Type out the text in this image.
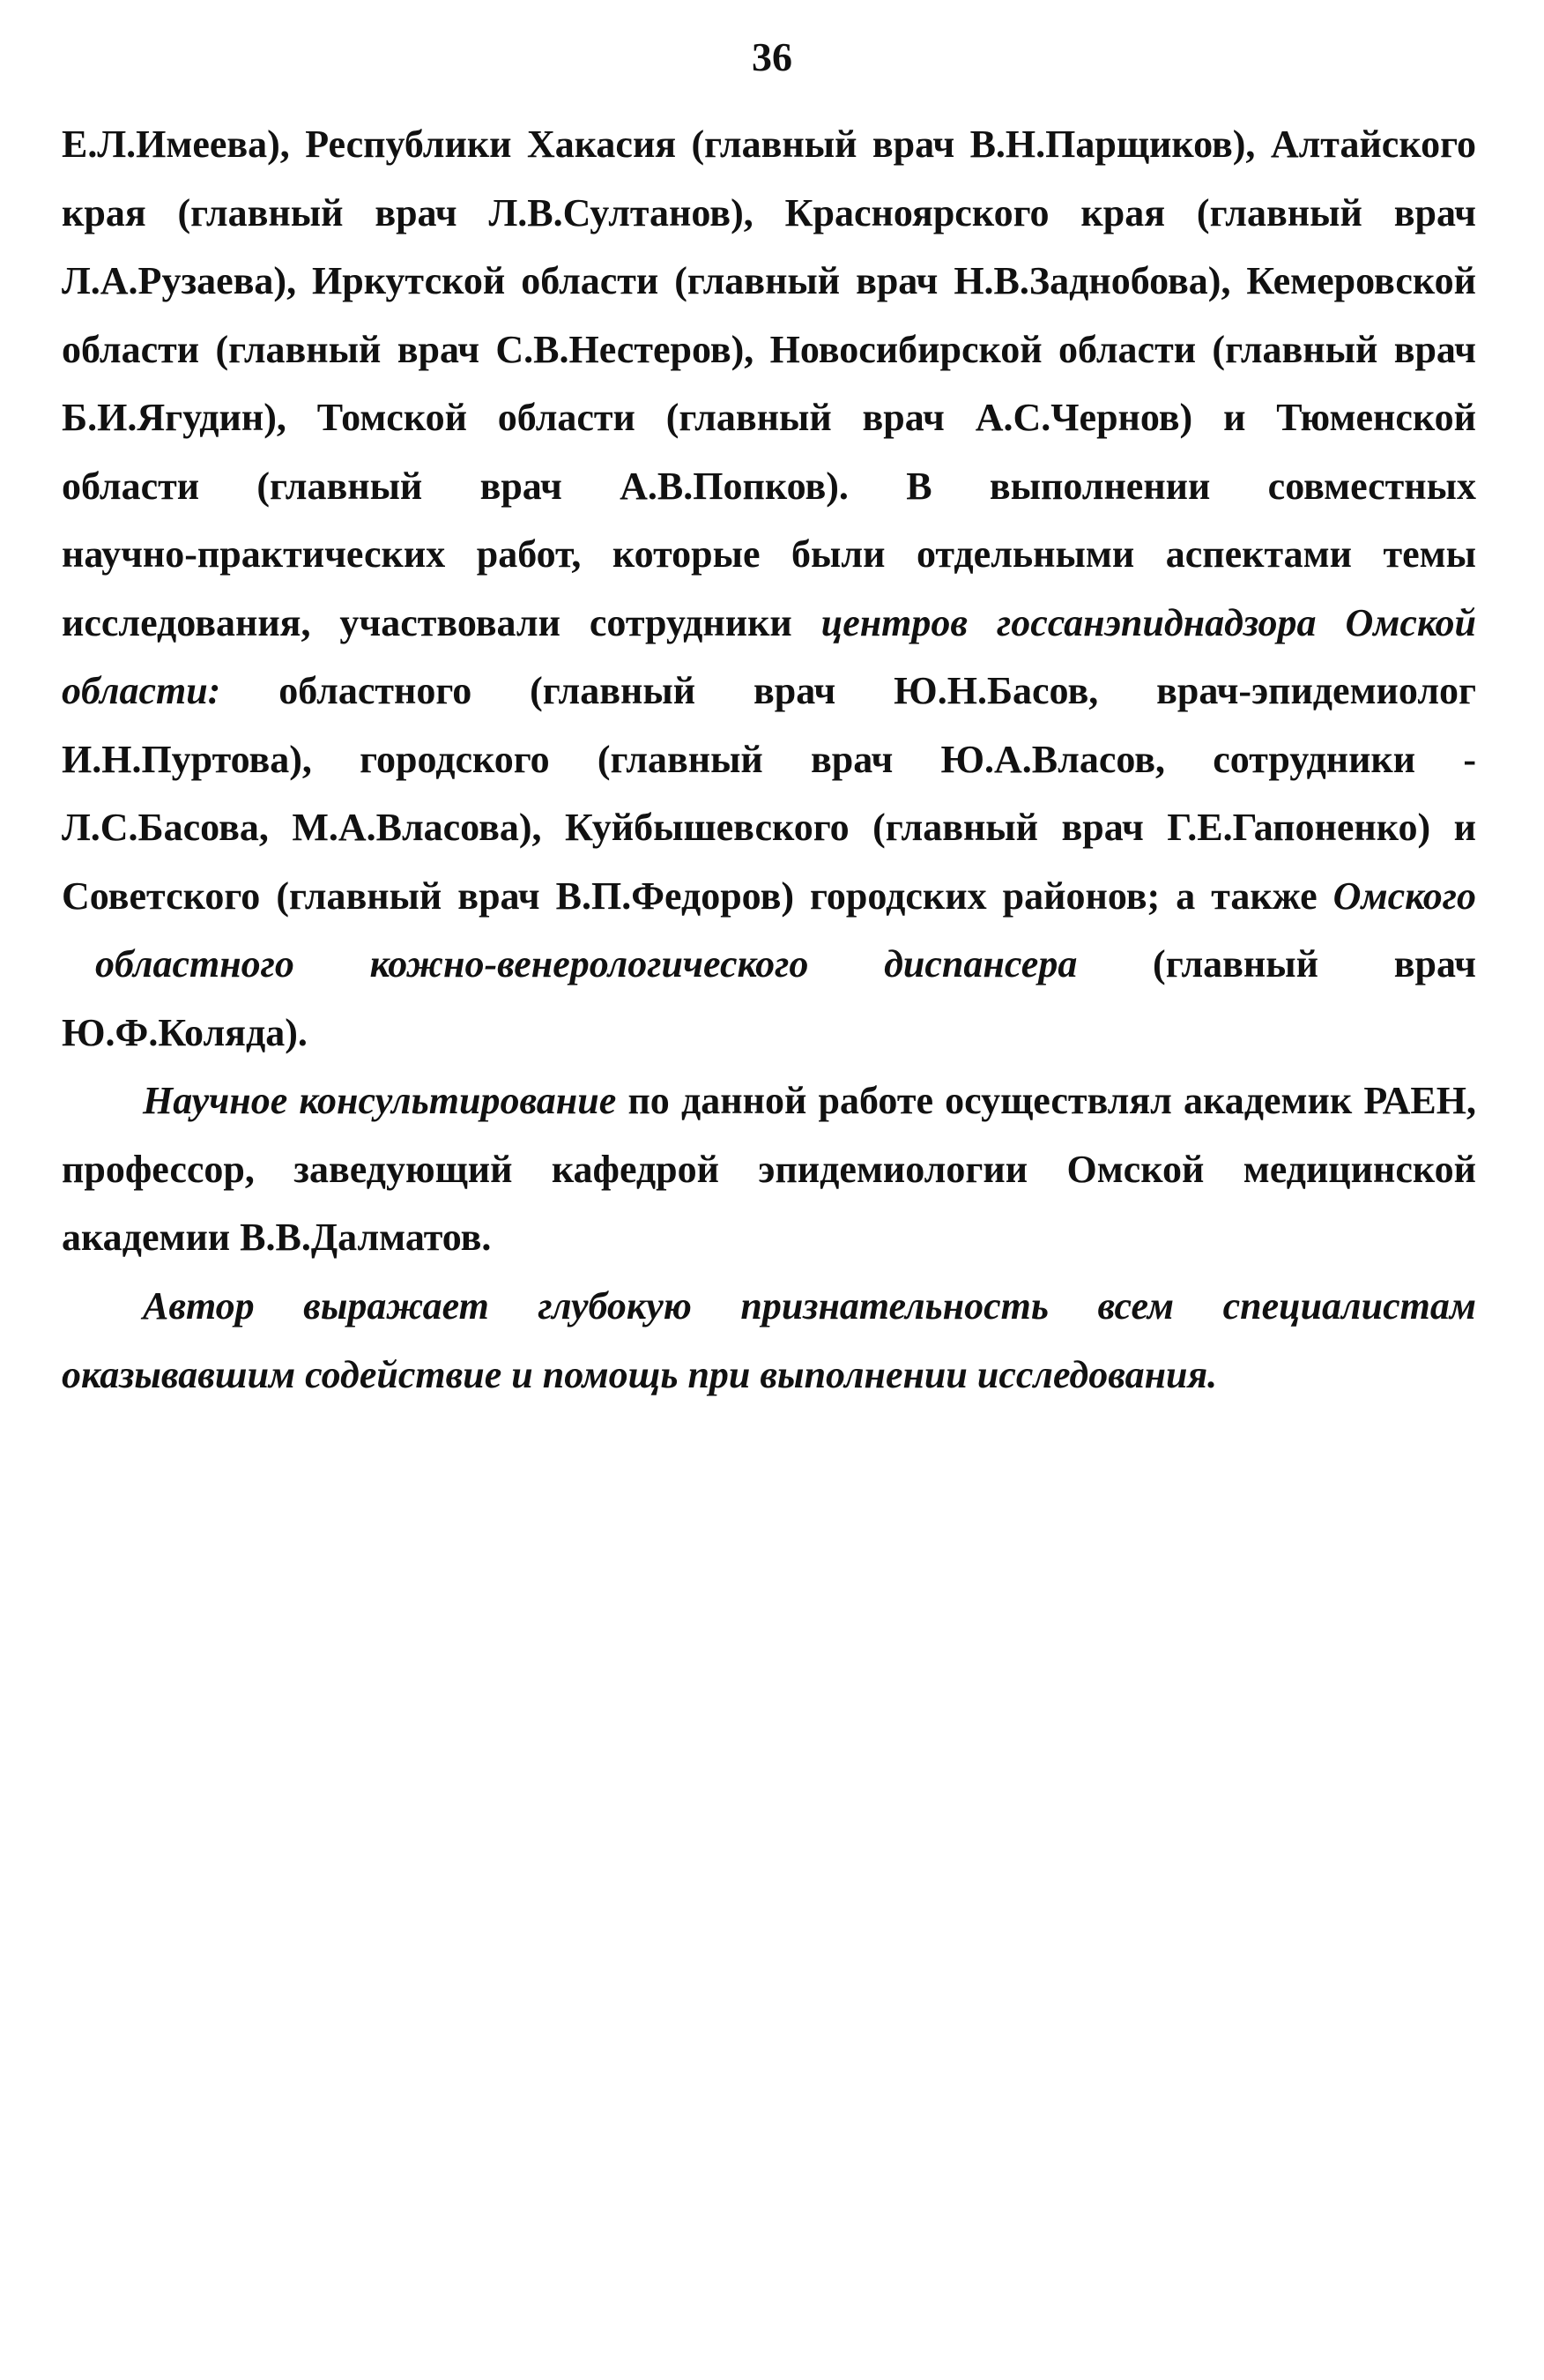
36
Е.Л.Имеева), Республики Хакасия (главный врач В.Н.Парщиков), Алтайского
края (главный врач Л.В.Султанов), Красноярского края (главный врач
Л.А.Рузаева), Иркутской области (главный врач Н.В.Заднобова), Кемеровской
области (главный врач С.В.Нестеров), Новосибирской области (главный врач
Б.И.Ягудин), Томской области (главный врач А.С.Чернов) и Тюменской
области (главный врач А.В.Попков). В выполнении совместных
научно-практических работ, которые были отдельными аспектами темы
исследования, участвовали сотрудники центров госсанэпиднадзора Омской
области: областного (главный врач Ю.Н.Басов, врач-эпидемиолог
И.Н.Пуртова), городского (главный врач Ю.А.Власов, сотрудники -
Л.С.Басова, М.А.Власова), Куйбышевского (главный врач Г.Е.Гапоненко) и
Советского (главный врач В.П.Федоров) городских районов; а также Омского
областного кожно-венерологического диспансера (главный врач
Ю.Ф.Коляда).
Научное консультирование по данной работе осуществлял академик РАЕН,
профессор, заведующий кафедрой эпидемиологии Омской медицинской
академии В.В.Далматов.
Автор выражает глубокую признательность всем специалистам
оказывавшим содействие и помощь при выполнении исследования.
